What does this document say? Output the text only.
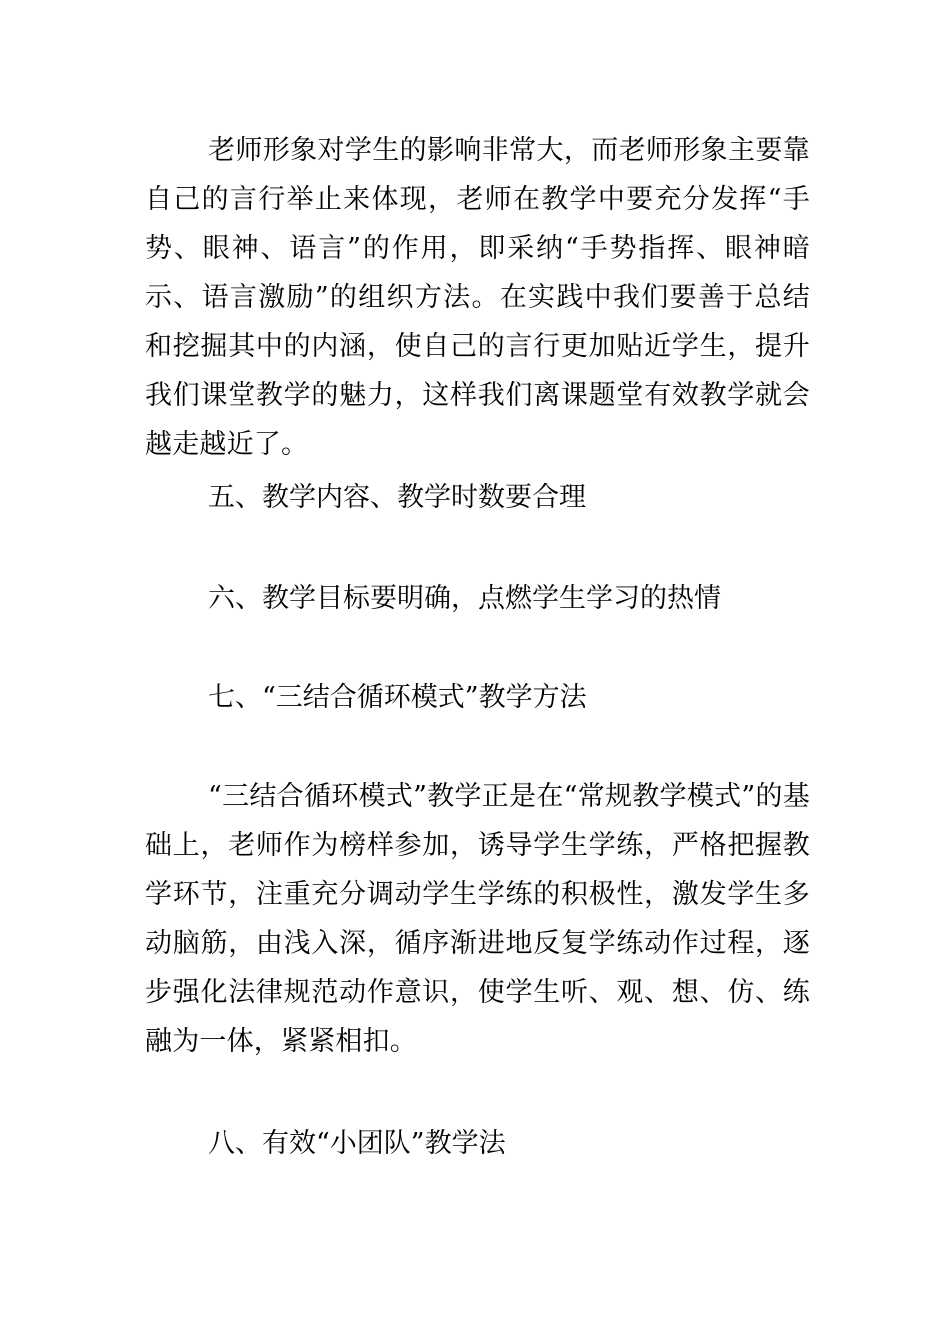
老师形象对学生的影响非常大，而老师形象主要靠自己的言行举止来体现，老师在教学中要充分发挥“手势、眼神、语言”的作用，即采纳“手势指挥、眼神暗示、语言激励”的组织方法。在实践中我们要善于总结和挖掘其中的内涵，使自己的言行更加贴近学生，提升我们课堂教学的魅力，这样我们离课题堂有效教学就会越走越近了。

五、教学内容、教学时数要合理
六、教学目标要明确，点燃学生学习的热情
七、“三结合循环模式”教学方法

“三结合循环模式”教学正是在“常规教学模式”的基础上，老师作为榜样参加，诱导学生学练，严格把握教学环节，注重充分调动学生学练的积极性，激发学生多动脑筋，由浅入深，循序渐进地反复学练动作过程，逐步强化法律规范动作意识，使学生听、观、想、仿、练融为一体，紧紧相扣。

八、有效“小团队”教学法
